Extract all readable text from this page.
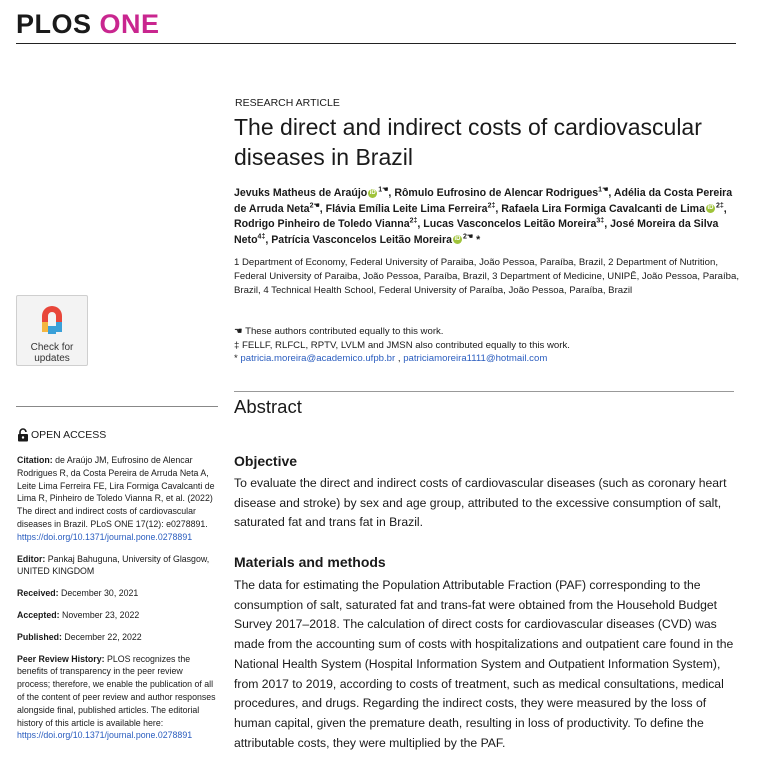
PLOS ONE
RESEARCH ARTICLE
The direct and indirect costs of cardiovascular diseases in Brazil
Jevuks Matheus de Araújo iD $^{1☚}$, Rômulo Eufrosino de Alencar Rodrigues$^{1☚}$, Adélia da Costa Pereira de Arruda Neta$^{2☚}$, Flávia Emília Leite Lima Ferreira$^{2\ddagger}$, Rafaela Lira Formiga Cavalcanti de Lima iD $^{2\ddagger}$, Rodrigo Pinheiro de Toledo Vianna$^{2\ddagger}$, Lucas Vasconcelos Leitão Moreira$^{3\ddagger}$, José Moreira da Silva Neto$^{4\ddagger}$, Patrícia Vasconcelos Leitão Moreira iD $^{2☚}$ *
1 Department of Economy, Federal University of Paraiba, João Pessoa, Paraíba, Brazil, 2 Department of Nutrition, Federal University of Paraiba, João Pessoa, Paraíba, Brazil, 3 Department of Medicine, UNIPÊ, João Pessoa, Paraíba, Brazil, 4 Technical Health School, Federal University of Paraíba, João Pessoa, Paraíba, Brazil
☚ These authors contributed equally to this work.
‡ FELLF, RLFCL, RPTV, LVLM and JMSN also contributed equally to this work.
* patricia.moreira@academico.ufpb.br , patriciamoreira1111@hotmail.com
Check for
updates
OPEN ACCESS

Citation: de Araújo JM, Eufrosino de Alencar Rodrigues R, da Costa Pereira de Arruda Neta A, Leite Lima Ferreira FE, Lira Formiga Cavalcanti de Lima R, Pinheiro de Toledo Vianna R, et al. (2022) The direct and indirect costs of cardiovascular diseases in Brazil. PLoS ONE 17(12): e0278891. https://doi.org/10.1371/journal.pone.0278891

Editor: Pankaj Bahuguna, University of Glasgow, UNITED KINGDOM

Received: December 30, 2021

Accepted: November 23, 2022

Published: December 22, 2022

Peer Review History: PLOS recognizes the benefits of transparency in the peer review process; therefore, we enable the publication of all of the content of peer review and author responses alongside final, published articles. The editorial history of this article is available here: https://doi.org/10.1371/journal.pone.0278891

Abstract
Objective
To evaluate the direct and indirect costs of cardiovascular diseases (such as coronary heart disease and stroke) by sex and age group, attributed to the excessive consumption of salt, saturated fat and trans fat in Brazil.
Materials and methods
The data for estimating the Population Attributable Fraction (PAF) corresponding to the consumption of salt, saturated fat and trans-fat were obtained from the Household Budget Survey 2017–2018. The calculation of direct costs for cardiovascular diseases (CVD) was made from the accounting sum of costs with hospitalizations and outpatient care found in the National Health System (Hospital Information System and Outpatient Information System), from 2017 to 2019, according to costs of treatment, such as medical consultations, medical procedures, and drugs. Regarding the indirect costs, they were measured by the loss of human capital, given the premature death, resulting in loss of productivity. To define the attributable costs, they were multiplied by the PAF.
